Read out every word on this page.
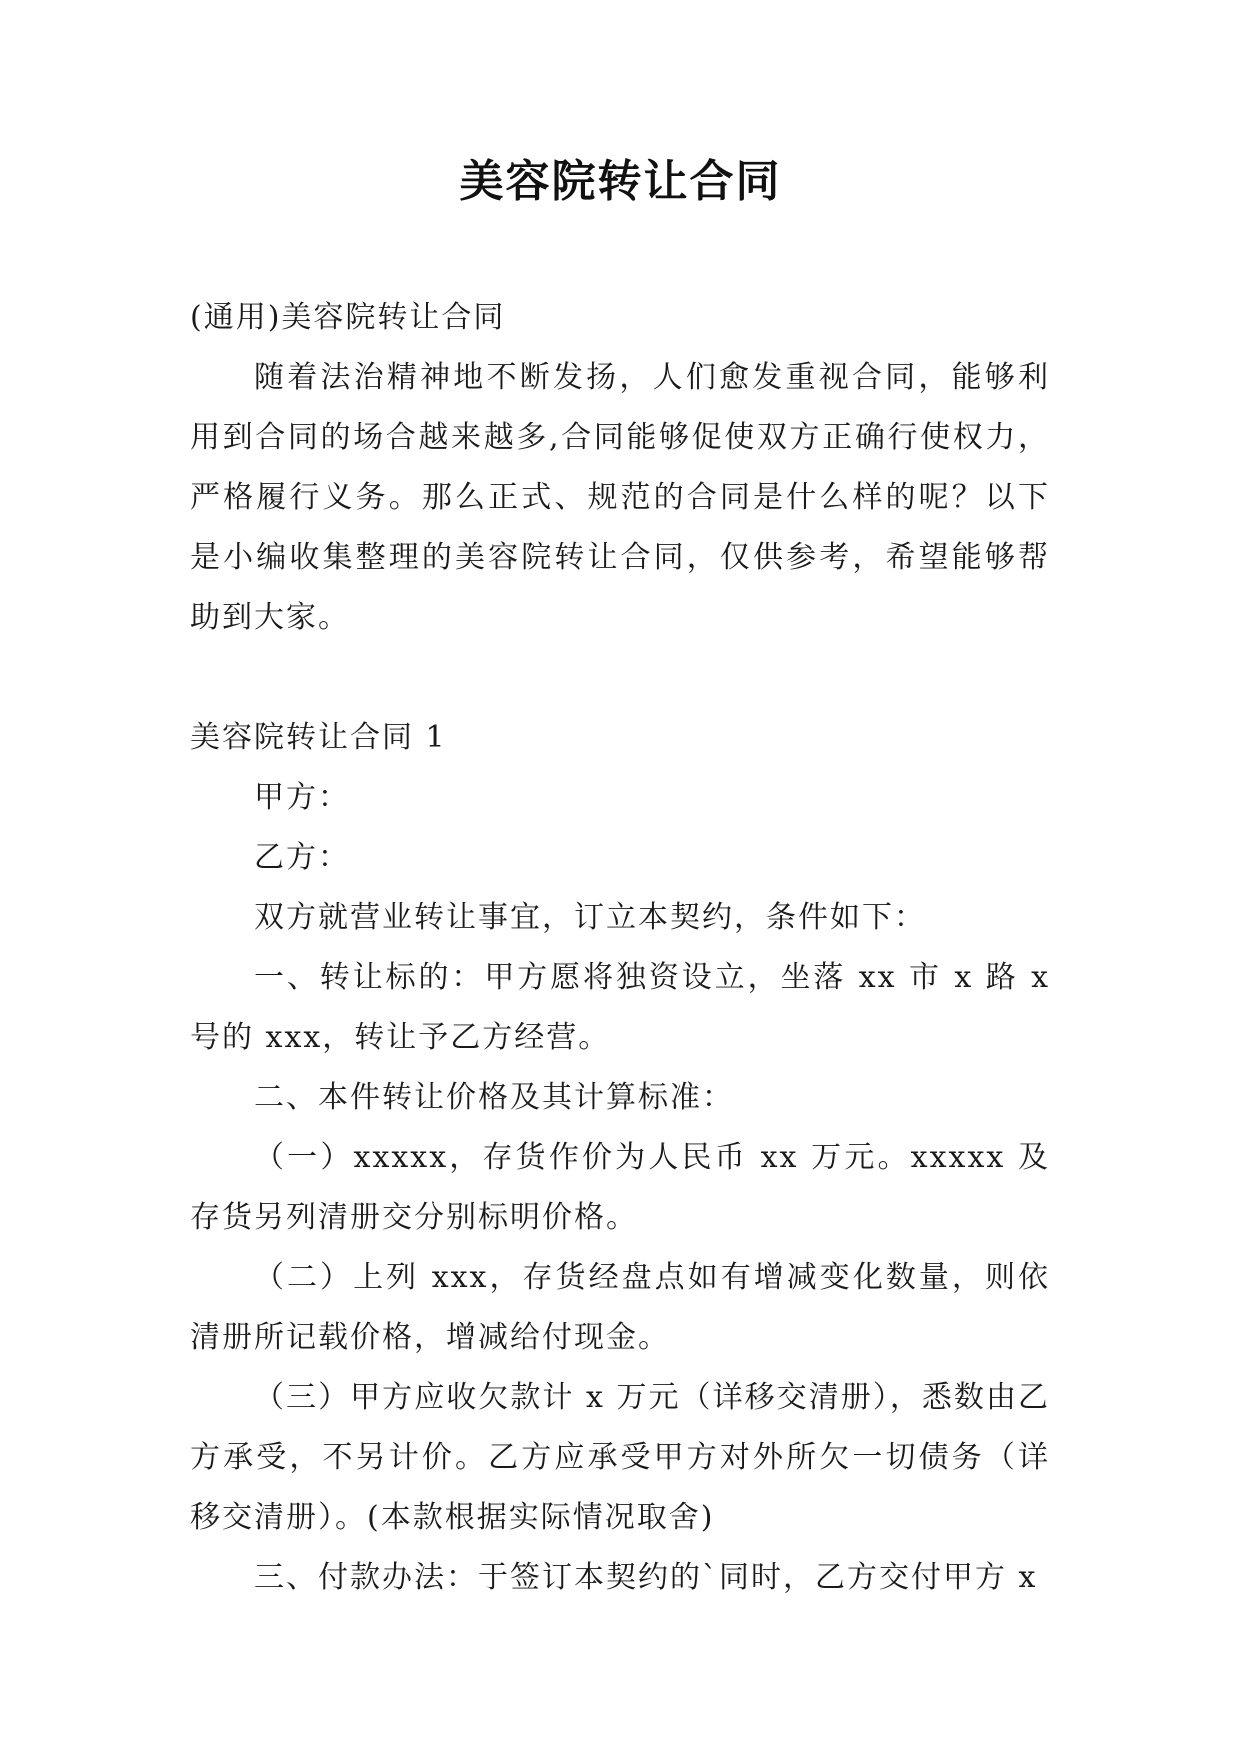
美容院转让合同

(通用)美容院转让合同

随着法治精神地不断发扬，人们愈发重视合同，能够利用到合同的场合越来越多,合同能够促使双方正确行使权力，严格履行义务。那么正式、规范的合同是什么样的呢？以下是小编收集整理的美容院转让合同，仅供参考，希望能够帮助到大家。

美容院转让合同 1

甲方：

乙方：

双方就营业转让事宜，订立本契约，条件如下：

一、转让标的：甲方愿将独资设立，坐落 xx 市 x 路 x 号的 xxx，转让予乙方经营。

二、本件转让价格及其计算标准：

（一）xxxxx，存货作价为人民币 xx 万元。xxxxx 及存货另列清册交分别标明价格。

（二）上列 xxx，存货经盘点如有增减变化数量，则依清册所记载价格，增减给付现金。

（三）甲方应收欠款计 x 万元（详移交清册），悉数由乙方承受，不另计价。乙方应承受甲方对外所欠一切债务（详移交清册）。(本款根据实际情况取舍)

三、付款办法：于签订本契约的`同时，乙方交付甲方 x
